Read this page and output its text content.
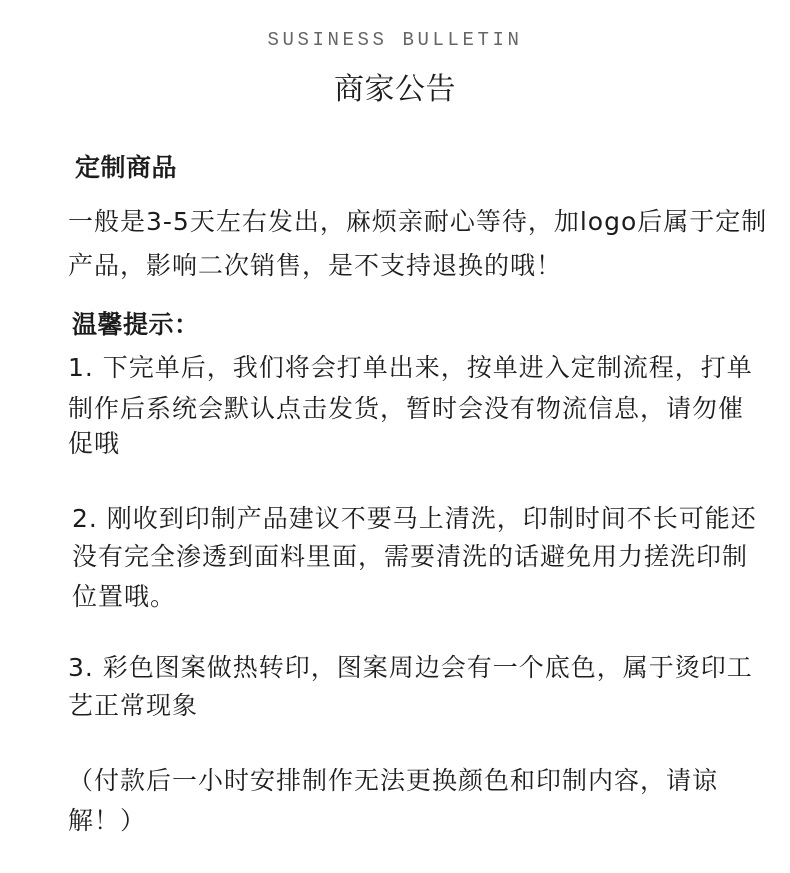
SUSINESS BULLETIN
商家公告
定制商品
一般是3-5天左右发出，麻烦亲耐心等待，加logo后属于定制
产品，影响二次销售，是不支持退换的哦！
温馨提示：
1. 下完单后，我们将会打单出来，按单进入定制流程，打单
制作后系统会默认点击发货，暂时会没有物流信息，请勿催
促哦
2. 刚收到印制产品建议不要马上清洗，印制时间不长可能还
没有完全渗透到面料里面，需要清洗的话避免用力搓洗印制
位置哦。
3. 彩色图案做热转印，图案周边会有一个底色，属于烫印工
艺正常现象
（付款后一小时安排制作无法更换颜色和印制内容，请谅
解！）
